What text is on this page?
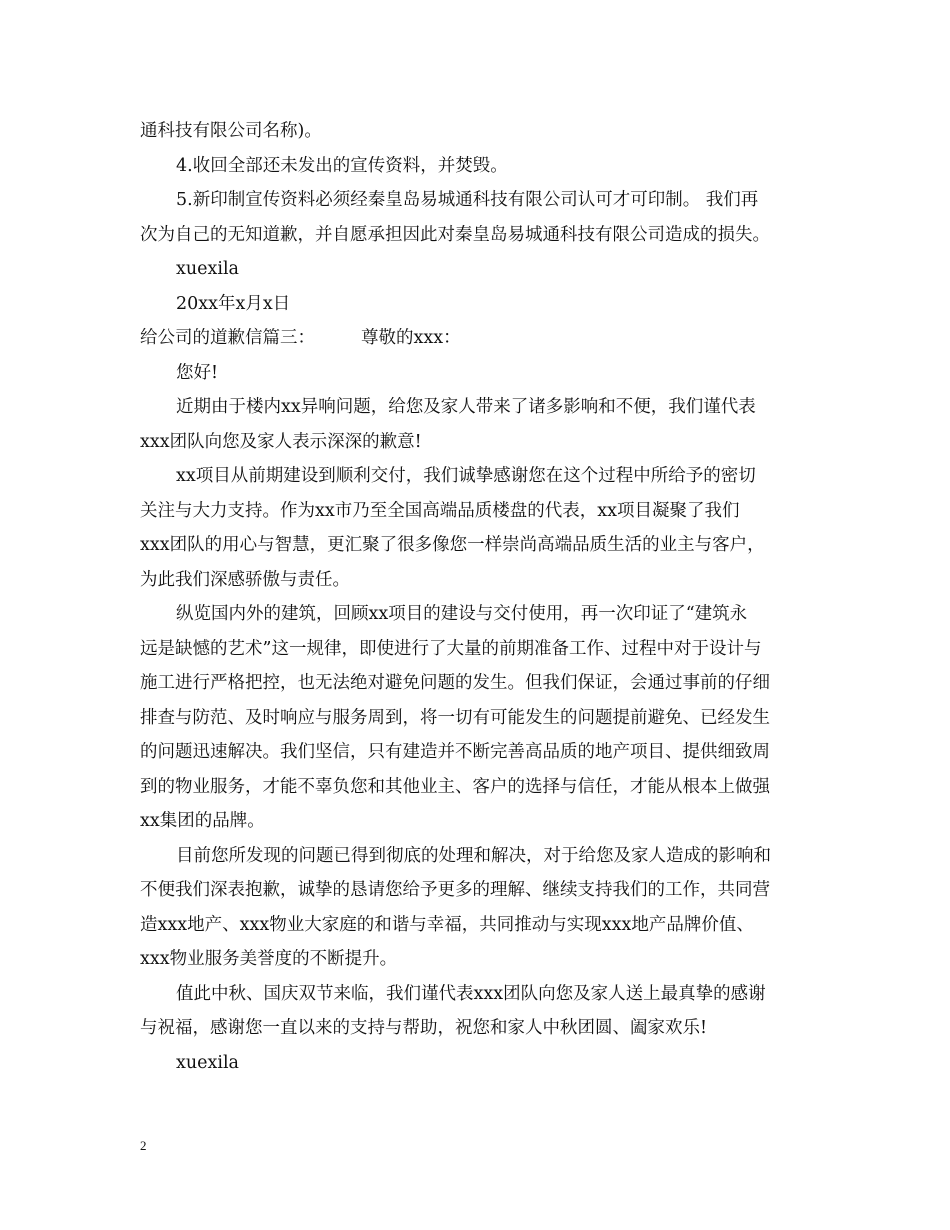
通科技有限公司名称)。
4.收回全部还未发出的宣传资料，并焚毁。
5.新印制宣传资料必须经秦皇岛易城通科技有限公司认可才可印制。 我们再
次为自己的无知道歉，并自愿承担因此对秦皇岛易城通科技有限公司造成的损失。
xuexila
20xx年x月x日
给公司的道歉信篇三：	尊敬的xxx：
您好!
近期由于楼内xx异响问题，给您及家人带来了诸多影响和不便，我们谨代表
xxx团队向您及家人表示深深的歉意!
xx项目从前期建设到顺利交付，我们诚挚感谢您在这个过程中所给予的密切
关注与大力支持。作为xx市乃至全国高端品质楼盘的代表，xx项目凝聚了我们
xxx团队的用心与智慧，更汇聚了很多像您一样崇尚高端品质生活的业主与客户，
为此我们深感骄傲与责任。
纵览国内外的建筑，回顾xx项目的建设与交付使用，再一次印证了“建筑永
远是缺憾的艺术”这一规律，即使进行了大量的前期准备工作、过程中对于设计与
施工进行严格把控，也无法绝对避免问题的发生。但我们保证，会通过事前的仔细
排查与防范、及时响应与服务周到，将一切有可能发生的问题提前避免、已经发生
的问题迅速解决。我们坚信，只有建造并不断完善高品质的地产项目、提供细致周
到的物业服务，才能不辜负您和其他业主、客户的选择与信任，才能从根本上做强
xx集团的品牌。
目前您所发现的问题已得到彻底的处理和解决，对于给您及家人造成的影响和
不便我们深表抱歉，诚挚的恳请您给予更多的理解、继续支持我们的工作，共同营
造xxx地产、xxx物业大家庭的和谐与幸福，共同推动与实现xxx地产品牌价值、
xxx物业服务美誉度的不断提升。
值此中秋、国庆双节来临，我们谨代表xxx团队向您及家人送上最真挚的感谢
与祝福，感谢您一直以来的支持与帮助，祝您和家人中秋团圆、阖家欢乐!
xuexila
2
